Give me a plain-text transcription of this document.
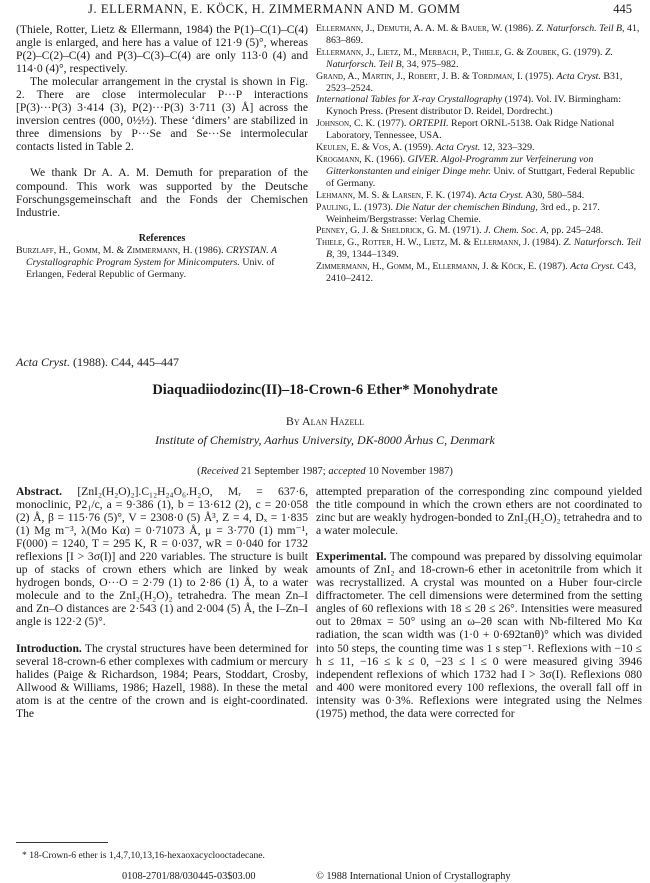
J. ELLERMANN, E. KÖCK, H. ZIMMERMANN AND M. GOMM	445

(Thiele, Rotter, Lietz & Ellermann, 1984) the P(1)–C(1)–C(4) angle is enlarged, and here has a value of 121·9 (5)°, whereas P(2)–C(2)–C(4) and P(3)–C(3)–C(4) are only 113·0 (4) and 114·0 (4)°, respectively.

The molecular arrangement in the crystal is shown in Fig. 2. There are close intermolecular P···P interactions [P(3)···P(3) 3·414 (3), P(2)···P(3) 3·711 (3) Å] across the inversion centres (000, 0½½). These ‘dimers’ are stabilized in three dimensions by P···Se and Se···Se intermolecular contacts listed in Table 2.

We thank Dr A. A. M. Demuth for preparation of the compound. This work was supported by the Deutsche Forschungsgemeinschaft and the Fonds der Chemischen Industrie.

References

Burzlaff, H., Gomm, M. & Zimmermann, H. (1986). CRYSTAN. A Crystallographic Program System for Minicomputers. Univ. of Erlangen, Federal Republic of Germany.

Ellermann, J., Demuth, A. A. M. & Bauer, W. (1986). Z. Naturforsch. Teil B, 41, 863–869.

Ellermann, J., Lietz, M., Merbach, P., Thiele, G. & Zoubek, G. (1979). Z. Naturforsch. Teil B, 34, 975–982.

Grand, A., Martin, J., Robert, J. B. & Tordjman, I. (1975). Acta Cryst. B31, 2523–2524.

International Tables for X-ray Crystallography (1974). Vol. IV. Birmingham: Kynoch Press. (Present distributor D. Reidel, Dordrecht.)

Johnson, C. K. (1977). ORTEPII. Report ORNL-5138. Oak Ridge National Laboratory, Tennessee, USA.

Keulen, E. & Vos, A. (1959). Acta Cryst. 12, 323–329.

Krogmann, K. (1966). GIVER. Algol-Programm zur Verfeinerung von Gitterkonstanten und einiger Dinge mehr. Univ. of Stuttgart, Federal Republic of Germany.

Lehmann, M. S. & Larsen, F. K. (1974). Acta Cryst. A30, 580–584.

Pauling, L. (1973). Die Natur der chemischen Bindung, 3rd ed., p. 217. Weinheim/Bergstrasse: Verlag Chemie.

Penney, G. J. & Sheldrick, G. M. (1971). J. Chem. Soc. A, pp. 245–248.

Thiele, G., Rotter, H. W., Lietz, M. & Ellermann, J. (1984). Z. Naturforsch. Teil B, 39, 1344–1349.

Zimmermann, H., Gomm, M., Ellermann, J. & Köck, E. (1987). Acta Cryst. C43, 2410–2412.

Acta Cryst. (1988). C44, 445–447
Diaquadiiodozinc(II)–18-Crown-6 Ether* Monohydrate
By Alan Hazell
Institute of Chemistry, Aarhus University, DK-8000 Århus C, Denmark
(Received 21 September 1987; accepted 10 November 1987)

Abstract. [ZnI₂(H₂O)₂].C₁₂H₂₄O₆.H₂O, Mᵣ = 637·6, monoclinic, P2₁/c, a = 9·386 (1), b = 13·612 (2), c = 20·058 (2) Å, β = 115·76 (5)°, V = 2308·0 (5) Å³, Z = 4, Dₓ = 1·835 (1) Mg m⁻³, λ(Mo Kα) = 0·71073 Å, μ = 3·770 (1) mm⁻¹, F(000) = 1240, T = 295 K, R = 0·037, wR = 0·040 for 1732 reflexions [I > 3σ(I)] and 220 variables. The structure is built up of stacks of crown ethers which are linked by weak hydrogen bonds, O···O = 2·79 (1) to 2·86 (1) Å, to a water molecule and to the ZnI₂(H₂O)₂ tetrahedra. The mean Zn–I and Zn–O distances are 2·543 (1) and 2·004 (5) Å, the I–Zn–I angle is 122·2 (5)°.

Introduction. The crystal structures have been determined for several 18-crown-6 ether complexes with cadmium or mercury halides (Paige & Richardson, 1984; Pears, Stoddart, Crosby, Allwood & Williams, 1986; Hazell, 1988). In these the metal atom is at the centre of the crown and is eight-coordinated. The

attempted preparation of the corresponding zinc compound yielded the title compound in which the crown ethers are not coordinated to zinc but are weakly hydrogen-bonded to ZnI₂(H₂O)₂ tetrahedra and to a water molecule.

Experimental. The compound was prepared by dissolving equimolar amounts of ZnI₂ and 18-crown-6 ether in acetonitrile from which it was recrystallized. A crystal was mounted on a Huber four-circle diffractometer. The cell dimensions were determined from the setting angles of 60 reflexions with 18 ≤ 2θ ≤ 26°. Intensities were measured out to 2θmax = 50° using an ω–2θ scan with Nb-filtered Mo Kα radiation, the scan width was (1·0 + 0·692tanθ)° which was divided into 50 steps, the counting time was 1 s step⁻¹. Reflexions with −10 ≤ h ≤ 11, −16 ≤ k ≤ 0, −23 ≤ l ≤ 0 were measured giving 3946 independent reflexions of which 1732 had I > 3σ(I). Reflexions 080 and 400 were monitored every 100 reflexions, the overall fall off in intensity was 0·3%. Reflexions were integrated using the Nelmes (1975) method, the data were corrected for

* 18-Crown-6 ether is 1,4,7,10,13,16-hexaoxacyclooctadecane.
0108-2701/88/030445-03$03.00	© 1988 International Union of Crystallography
